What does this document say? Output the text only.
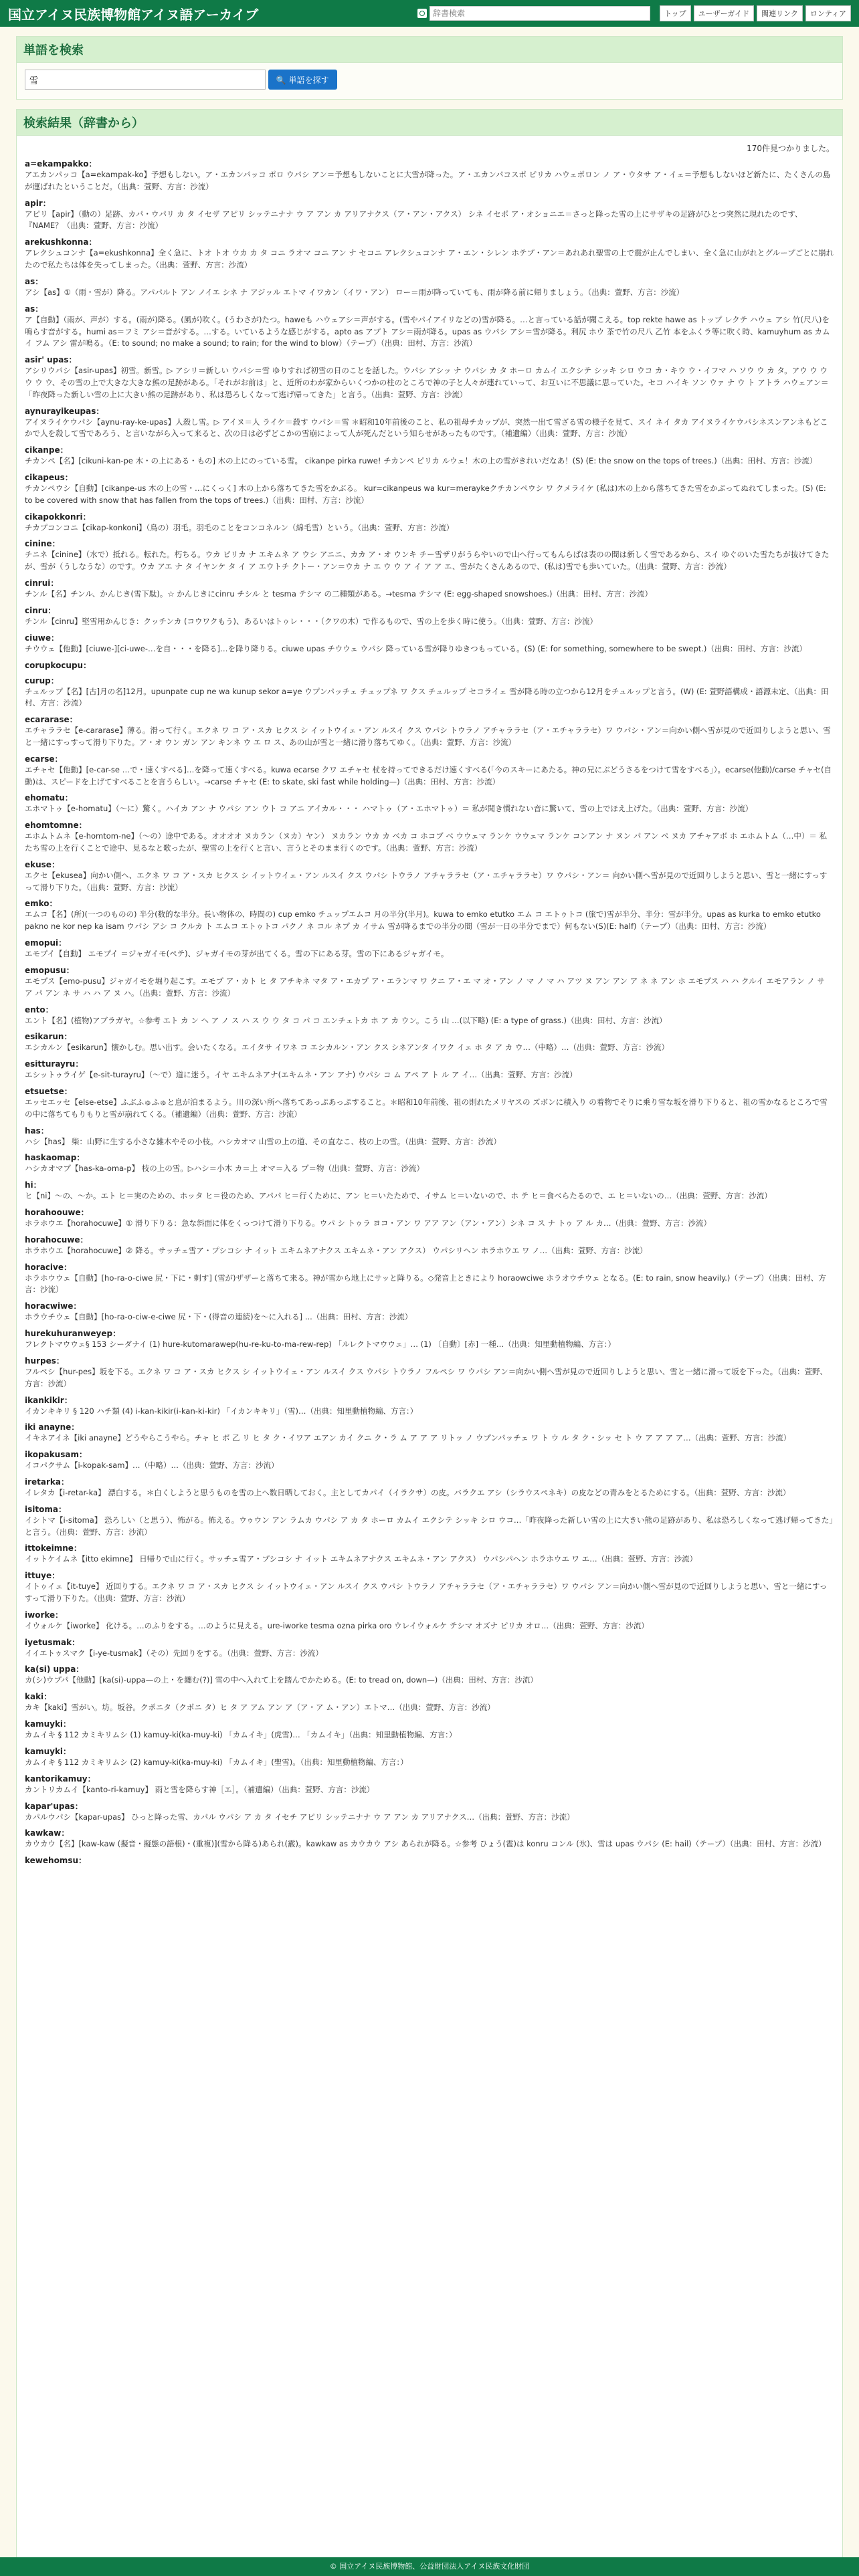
国立アイヌ民族博物館アイヌ語アーカイブ
辞書検索	トップ	ユーザーガイド	関連リンク	ロンティア
単語を検索
雪 🔍 単語を探す
検索結果（辞書から）
170件見つかりました。
a=ekampakko：
アエカンパッコ【a=ekampak-ko】予想もしない。ア・エカンパッコ ポロ ウパシ アン＝予想もしないことに大雪が降った。ア・エカンパコスポ ピリカ ハウェポロン ノ ア・ウタサ ア・イェ＝予想もしないほど新たに、たくさんの島が運ばれたということだ。（出典：萱野、方言：沙流）
apir：
アピリ【apir】（動の）足跡、カパ・ウパリ カ タ イセザ アピリ シッテニナナ ウ ア アン カ アリアナクス（ア・アン・アクス） シネ イセポ ア・オショニエ＝さっと降った雪の上にサザキの足跡がひとつ突然に現れたのです、『NAME？（出典：萱野、方言：沙流）
arekushkonna：
アレクシュコンナ【a=ekushkonna】全く急に、トオ トオ ウカ カ タ コニ ラオマ コニ アン ナ セコニ アレクシュコンナ ア・エン・シレン ホテプ・アン＝あれあれ聖雪の上で震が止んでしまい、全く急に山がれとグループごとに崩れたので私たちは体を失ってしまった。（出典：萱野、方言：沙流）
as：
アシ【as】①（雨・雪が）降る。アパパルト アン ノイエ シネ ナ アジッル エトマ イワカン（イワ・アン） ロー＝雨が降っていても、雨が降る前に帰りましょう。（出典：萱野、方言：沙流）
as：
ア【自動】（雨が、声が）する。(雨が)降る。(風が)吹く。(うわさが)たつ。haweも ハウェアシ＝声がする。(雪やパイアイリなどの)雪が降る。…と言っている話が聞こえる。top rekte hawe as トップ レクテ ハウェ アシ 竹(尺八)を鳴らす音がする。humi as＝フミ アシ＝音がする。…する。いているような感じがする。apto as アプト アシ＝雨が降る。upas as ウパシ アシ＝雪が降る。利尻 ホウ 茶で竹の尺八 乙竹 本をふくラ等に吹く時、kamuyhum as カムイ フム アシ 雷が鳴る。（E: to sound; no make a sound; to rain; for the wind to blow）（テープ）（出典：田村、方言：沙流）
asir' upas：
アシリウパシ【asir-upas】初雪。新雪。▷ アシリ＝新しい ウパシ＝雪 ゆりすれば初雪の日のことを話した。ウパシ アシッ ナ ウパシ カ タ ホーロ カムイ エクシテ シッキ シロ ウコ カ・キウ ウ・イフマ ハ ソウ ウ カ タ。アウ ウ ウ ウ ウ ウ、その雪の上で大きな大きな熊の足跡がある。「それがお前は」と、近所のわが家からいくつかの柱のところで神の子と人々が連れていって、お互いに不思議に思っていた。セコ ハイキ ソン ウァ ナ ウ ト アトラ ハウェアン＝「昨夜降った新しい雪の上に大きい熊の足跡があり、私は恐ろしくなって逃げ帰ってきた」と言う。（出典：萱野、方言：沙流）
aynurayikeupas：
アイヌライケウパシ【aynu-ray-ke-upas】人殺し雪。▷ アイヌ＝人 ライケ＝殺す ウパシ＝雪 ＊昭和10年前後のこと、私の祖母チカップが、突然一出て雪ざる雪の様子を見て、スイ ネイ タカ アイヌライケウパシネスンアンネもどこかで人を殺して雪であろう、と言いながら入って来ると、次の日は必ずどこかの雪崩によって人が死んだという知らせがあったものです。（補遺編）（出典：萱野、方言：沙流）
cikanpe：
チカンペ【名】[cikuni-kan-pe 木・の上にある・もの] 木の上にのっている雪。 cikanpe pirka ruwe! チカンペ ピリカ ルウェ！木の上の雪がきれいだなあ！(S) (E: the snow on the tops of trees.)（出典：田村、方言：沙流）
cikapeus：
チカンペウシ【自動】[cikanpe-us 木の上の雪・…にくっく] 木の上から落ちてきた雪をかぶる。 kur=cikanpeus wa kur=meraykeクチカンペウシ ワ クメライケ (私は)木の上から落ちてきた雪をかぶってぬれてしまった。(S) (E: to be covered with snow that has fallen from the tops of trees.)（出典：田村、方言：沙流）
cikapokkonri：
チカプコンコニ【cikap-konkoni】（鳥の）羽毛。羽毛のことをコンコネルン（綿毛雪）という。（出典：萱野、方言：沙流）
cinine：
チニネ【cinine】（水で）抵れる。転れた。朽ちる。ウカ ピリカ ナ エキムネ ア ウシ アニニ、カカ ア・オ ウンキ チー雪ザリがうらやいので山へ行ってもんらばは表のの間は新しく雪であるから、スイ ゆぐのいた雪たちが抜けてきたが、雪が（うしなうな）のです。ウカ アエ ナ タ イヤンケ タ イ ア エウトチ クトー・アン＝ウカ ナ エ ウ ウ ア イ ア ア エ、雪がたくさんあるので、(私は)雪でも歩いていた。（出典：萱野、方言：沙流）
cinrui：
チンル【名】チンル、かんじき(雪下駄)。☆ かんじきにcinru チシル と tesma テシマ の二種類がある。→tesma テシマ (E: egg-shaped snowshoes.)（出典：田村、方言：沙流）
cinru：
チンル【cinru】堅雪用かんじき：クッチンカ (コウワクもう)、あるいはトゥレ・・・（クワの木）で作るもので、雪の上を歩く時に使う。（出典：萱野、方言：沙流）
ciuwe：
チウウェ【他動】[ciuwe-][ci-uwe-…を自・・・を降る]…を降り降りる。ciuwe upas チウウェ ウパシ 降っている雪が降りゆきつもっている。(S) (E: for something, somewhere to be swept.)（出典：田村、方言：沙流）
corupkocupu：
curup：
チュルップ【名】[古]月の名]12月。upunpate cup ne wa kunup sekor a=ye ウプンパッチェ チュップネ ワ クス チュルップ セコライェ 雪が降る時の立つから12月をチュルップと言う。(W) (E: 萱野語構成・語源未定、（出典：田村、方言：沙流）
ecararase：
エチャララセ【e-cararase】薄る。滑って行く。エクネ ワ コ ア・スカ ヒクス シ イットウイェ・アン ルスイ クス ウパシ トウラノ アチャララセ（ア・エチャララセ）ワ ウパシ・アン＝向かい側へ雪が見ので近回りしようと思い、雪と一緒にすっすって滑り下りた。ア・オ ウン ガン アン キンネ ウ エ ロ ス、あの山が雪と一緒に滑り落ちてゆく。（出典：萱野、方言：沙流）
ecarse：
エチャセ【他動】[e-car-se …で・速くすべる]…を降って速くすべる。kuwa ecarse クワ エチャセ 杖を持ってできるだけ速くすべる(「今のスキーにあたる。神の兄にぶどうさるをつけて雪をすべる」）。ecarse(他動)/carse チャセ(自動)は、スピードを上げてすべることを言うらしい。→carse チャセ (E: to skate, ski fast while holding—)（出典：田村、方言：沙流）
ehomatu：
エホマトゥ【e-homatu】（～に）驚く。ハイカ アン ナ ウパシ アン ウト コ アニ アイカル・・・ ハマトゥ（ア・エホマトゥ）＝ 私が聞き慣れない音に驚いて、雪の上でほえ上げた。（出典：萱野、方言：沙流）
ehomtomne：
エホムトムネ【e-homtom-ne】（〜の）途中である。オオオオ ヌカラン（ヌカ）ヤン） ヌカラン ウカ カ ベカ コ ホコブ ベ ウウェマ ランケ ウウェマ ランケ コンアン ナ ヌン パ アン ペ ヌカ アチャアボ ホ エホムトム（…中）＝ 私たち雪の上を行くことで途中、見るなと歌ったが、聖雪の上を行くと言い、言うとそのまま行くのです。（出典：萱野、方言：沙流）
ekuse：
エクセ【ekusea】向かい側へ、エクネ ワ コ ア・スカ ヒクス シ イットウイェ・アン ルスイ クス ウパシ トウラノ アチャララセ（ア・エチャララセ）ワ ウパシ・アン＝ 向かい側へ雪が見ので近回りしようと思い、雪と一緒にすっすって滑り下りた。（出典：萱野、方言：沙流）
emko：
エムコ【名】(所)(一つのものの) 半分(数的な半分。長い物体の、時間の) cup emko チュップエムコ 月の半分(半月)。kuwa to emko etutko エム コ エトゥトコ (旅で)雪が半分、半分：雪が半分。upas as kurka to emko etutko pakno ne kor nep ka isam ウパシ アシ コ クルカ ト エムコ エトゥトコ パクノ ネ コル ネプ カ イサム 雪が降るまでの半分の間（雪が一日の半分でまで）何もない(S)(E: half)（テープ）（出典：田村、方言：沙流）
emopui：
エモプイ【自動】 エモプイ ＝ジャガイモ(ペテ)、ジャガイモの芽が出てくる。雪の下にある芽。雪の下にあるジャガイモ。
emopusu：
エモプス【emo-pusu】ジャガイモを堀り起こす。エモプ ア・カト ヒ タ アチキネ マタ ア・エカプ ア・エランマ ワ クニ ア・エ マ オ・アン ノ マ ノ マ ハ アツ ヌ アン アン ア ネ ネ アン ホ エモプス ハ ハ クルイ エモアラン ノ サ ア パ アン ネ サ ハ ハ ア ヌ ハ。（出典：萱野、方言：沙流）
ento：
エント【名】(植物)アブラガヤ。☆参考 エト カ ン へ ア ノ ス ハ ス ウ ウ タ コ パ コ エンチェトカ ホ ア カ ウン。こう 山 …(以下略) (E: a type of grass.)（出典：田村、方言：沙流）
esikarun：
エシカルン【esikarun】懐かしむ。思い出す。会いたくなる。エイタサ イワネ コ エシカルン・アン クス シネアンタ イワク イェ ホ タ ア カ ウ…（中略）…（出典：萱野、方言：沙流）
esitturayru：
エシットゥライゲ【e-sit-turayru】（〜で）道に迷う。イヤ エキムネアナ(エキムネ・アン アナ) ウパシ コ ム アペ ア ト ル ア イ…（出典：萱野、方言：沙流）
etsuetse：
エッセエッセ【else-etse】ふぶふゅふゅと息が泊まるよう。川の深い所へ落ちてあっぷあっぷすること。＊昭和10年前後、祖の則れたメリヤスの ズボンに積入り の着物でそりに乗り雪な坂を滑り下りると、祖の雪かなるところで雪の中に落ちてもりもりと雪が崩れてくる。（補遺編）（出典：萱野、方言：沙流）
has：
ハシ【has】 柴：山野に生する小さな雑木やその小枝。ハシカオマ 山雪の上の道、その直なこ、枝の上の雪。（出典：萱野、方言：沙流）
haskaomap：
ハシカオマプ【has-ka-oma-p】 枝の上の雪。▷ハシ＝小木 カ＝上 オマ＝入る プ＝物（出典：萱野、方言：沙流）
hi：
ヒ【ni】〜の、〜か。エト ヒ＝実のための、ホッタ ヒ＝役のため、アパパ ヒ＝行くために、アン ヒ＝いたためで、イサム ヒ＝いないので、ホ テ ヒ＝食べらたるので、エ ヒ＝いないの…（出典：萱野、方言：沙流）
horahoouwe：
ホラホウエ【horahocuwe】① 滑り下りる：急な斜面に体をくっつけて滑り下りる。ウパ シ トゥラ ヨコ・アン ワ アア アン（アン・アン）シネ コ ス ナ トゥ ア ル カ…（出典：萱野、方言：沙流）
horahocuwe：
ホラホウエ【horahocuwe】② 降る。サッチェ雪ア・プシコシ ナ イット エキムネアナクス エキムネ・アン アクス） ウパシリヘン ホラホウエ ワ ノ…（出典：萱野、方言：沙流）
horacive：
ホラホウウェ【自動】[ho-ra-o-ciwe 尻・下に・刺す] (雪が)ザザーと落ちて来る。神が雪から地上にサッと降りる。◇発音上ときにより horaowciwe ホラオウチウェ となる。(E: to rain, snow heavily.)（テープ）（出典：田村、方言：沙流）
horacwiwe：
ホラウチウェ【自動】[ho-ra-o-ciw-e-ciwe 尻・下・(得音の連続)を〜に入れる] ...（出典：田村、方言：沙流）
hurekuhuranweyep：
フレクトマウウェ§ 153 シーダナイ (1) hure-kutomarawep(hu-re-ku-to-ma-rew-rep) 「ルレクトマウウェ」… (1) 〔自動〕[赤] 一種…（出典：知里動植物編、方言：）
hurpes：
フルペシ【hur-pes】坂を下る。エクネ ワ コ ア・スカ ヒクス シ イットウイェ・アン ルスイ クス ウパシ トウラノ フルペシ ワ ウパシ アン＝向かい側へ雪が見ので近回りしようと思い、雪と一緒に滑って坂を下った。（出典：萱野、方言：沙流）
ikankikir：
イカンキキリ § 120 ハチ類 (4) i-kan-kikir(i-kan-ki-kir) 「イカンキキリ」（雪)…（出典：知里動植物編、方言：）
iki anayne：
イキネアイネ【iki anayne】どうやらこうやら。チャ ヒ ボ 乙 リ ヒ タ ク・イワア エアン カイ クニ ク・ラ ム ア ア ア リトッ ノ ウプンパッチェ ワ ト ウ ル タ ク・シッ セ ト ウ ア ア ア ア…（出典：萱野、方言：沙流）
ikopakusam：
イコパクサム【i-kopak-sam】…（中略）…（出典：萱野、方言：沙流）
iretarka：
イレタカ【i-retar-ka】 漂白する。＊白くしようと思うものを雪の上へ数日晒しておく。主としてカパイ（イラクサ）の皮。バラクエ アシ（シラウスペネキ）の皮などの青みをとるためにする。（出典：萱野、方言：沙流）
isitoma：
イシトマ【i-sitoma】 恐ろしい（と思う）、怖がる。怖える。ウゥウン アン ラムカ ウパシ ア カ タ ホーロ カムイ エクシテ シッキ シロ ウコ…「昨夜降った新しい雪の上に大きい熊の足跡があり、私は恐ろしくなって逃げ帰ってきた」と言う。（出典：萱野、方言：沙流）
ittokeimne：
イットケイムネ【itto ekimne】 日帰りで山に行く。サッチェ雪ア・プシコシ ナ イット エキムネアナクス エキムネ・アン アクス） ウパシパヘン ホラホウエ ワ エ…（出典：萱野、方言：沙流）
ittuye：
イトゥイェ【it-tuye】 近回りする。エクネ ワ コ ア・スカ ヒクス シ イットウイェ・アン ルスイ クス ウパシ トウラノ アチャララセ（ア・エチャララセ）ワ ウパシ アン＝向かい側へ雪が見ので近回りしようと思い、雪と一緒にすっすって滑り下りた。（出典：萱野、方言：沙流）
iworke：
イウォルケ【iworke】 化ける。…のふりをする。…のように見える。ure-iworke tesma ozna pirka oro ウレイウォルケ テシマ オズナ ピリカ オロ…（出典：萱野、方言：沙流）
iyetusmak：
イイエトゥスマク【i-ye-tusmak】（その）先回りをする。（出典：萱野、方言：沙流）
ka(si) uppa：
カ(シ)ウプパ【他動】[ka(si)-uppa—の上・を纏む(?)] 雪の中へ入れて上を踏んでかためる。(E: to tread on, down—)（出典：田村、方言：沙流）
kaki：
カキ【kaki】雪がい。坊。坂谷。クポニタ（クポニ タ）ヒ タ ア アム アン ア（ア・ア ム・アン）エトマ…（出典：萱野、方言：沙流）
kamuyki：
カムイキ § 112 カミキリムシ (1) kamuy-ki(ka-muy-ki) 「カムイキ」(虎雪)… 「カムイキ」（出典：知里動植物編、方言：）
kamuyki：
カムイキ § 112 カミキリムシ (2) kamuy-ki(ka-muy-ki) 「カムイキ」(聖雪)。（出典：知里動植物編、方言：）
kantorikamuy：
カントリカムイ【kanto-ri-kamuy】 雨と雪を降らす神［エ］。（補遺編）（出典：萱野、方言：沙流）
kapar'upas：
カパルウパシ【kapar-upas】 ひっと降った雪、カパル ウパシ ア カ タ イセチ アピリ シッテニナナ ウ ア アン カ アリアナクス…（出典：萱野、方言：沙流）
kawkaw：
カウカウ【名】[kaw-kaw (擬音・擬態の語根)・(重複)](雪から降る)あられ(霰)。kawkaw as カウカウ アシ あられが降る。☆参考 ひょう(雹)は konru コンル (氷)、雪は upas ウパシ (E: hail)（テープ）（出典：田村、方言：沙流）
kewehomsu：
© 国立アイヌ民族博物館、公益財団法人アイヌ民族文化財団
